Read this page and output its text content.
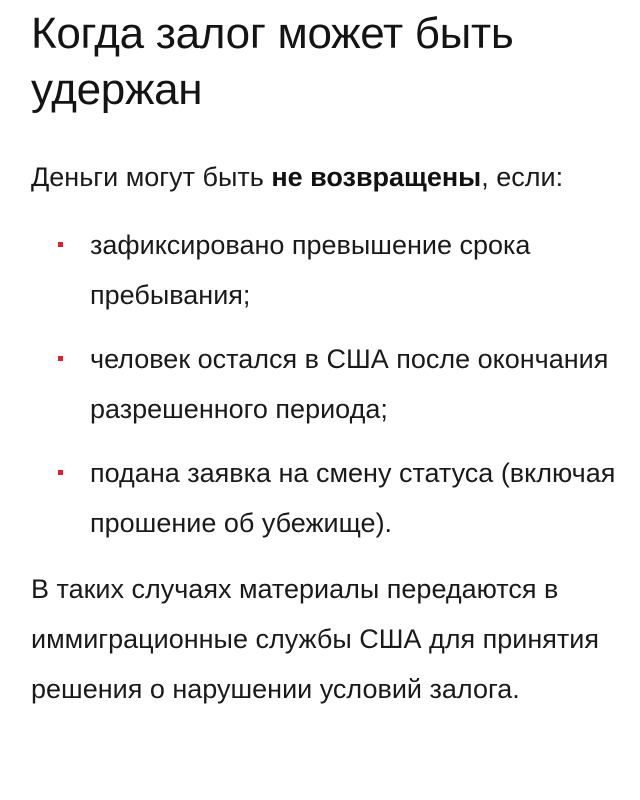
Когда залог может быть удержан

Деньги могут быть не возвращены, если:

зафиксировано превышение срока пребывания;
человек остался в США после окончания разрешенного периода;
подана заявка на смену статуса (включая прошение об убежище).

В таких случаях материалы передаются в иммиграционные службы США для принятия решения о нарушении условий залога.
